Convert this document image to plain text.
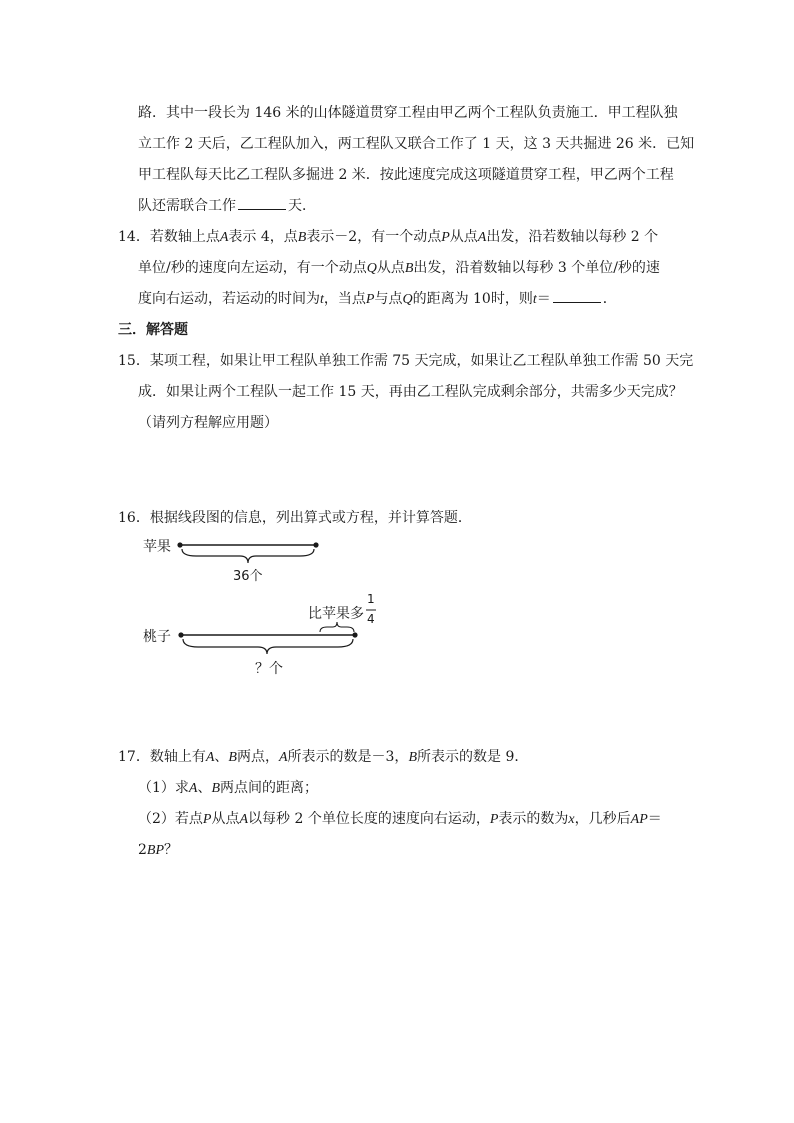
路．其中一段长为 146 米的山体隧道贯穿工程由甲乙两个工程队负责施工．甲工程队独
立工作 2 天后，乙工程队加入，两工程队又联合工作了 1 天，这 3 天共掘进 26 米．已知
甲工程队每天比乙工程队多掘进 2 米．按此速度完成这项隧道贯穿工程，甲乙两个工程
队还需联合工作	天．
14．若数轴上点A表示 4，点B表示－2，有一个动点P从点A出发，沿若数轴以每秒 2 个
单位/秒的速度向左运动，有一个动点Q从点B出发，沿着数轴以每秒 3 个单位/秒的速
度向右运动，若运动的时间为t，当点P与点Q的距离为 10时，则t＝	．
三．解答题
15．某项工程，如果让甲工程队单独工作需 75 天完成，如果让乙工程队单独工作需 50 天完
成．如果让两个工程队一起工作 15 天，再由乙工程队完成剩余部分，共需多少天完成？
（请列方程解应用题）
16．根据线段图的信息，列出算式或方程，并计算答题．
苹果
36个
桃子
比苹果多
1
4
？个
17．数轴上有A、B两点，A所表示的数是－3，B所表示的数是 9．
（1）求A、B两点间的距离；
（2）若点P从点A以每秒 2 个单位长度的速度向右运动，P表示的数为x，几秒后AP＝
2BP？
